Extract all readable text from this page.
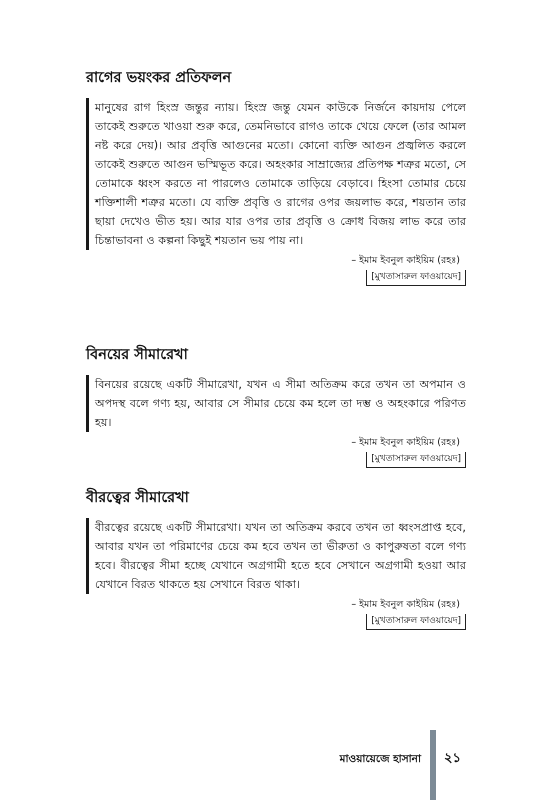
রাগের ভয়ংকর প্রতিফলন
মানুষের রাগ হিংস্র জন্তুর ন্যায়। হিংস্র জন্তু যেমন কাউকে নির্জনে কায়দায় পেলে তাকেই শুরুতে খাওয়া শুরু করে, তেমনিভাবে রাগও তাকে খেয়ে ফেলে (তার আমল নষ্ট করে দেয়)। আর প্রবৃত্তি আগুনের মতো। কোনো ব্যক্তি আগুন প্রজ্বলিত করলে তাকেই শুরুতে আগুন ভস্মিভূত করে। অহংকার সাম্রাজ্যের প্রতিপক্ষ শত্রুর মতো, সে তোমাকে ধ্বংস করতে না পারলেও তোমাকে তাড়িয়ে বেড়াবে। হিংসা তোমার চেয়ে শক্তিশালী শত্রুর মতো। যে ব্যক্তি প্রবৃত্তি ও রাগের ওপর জয়লাভ করে, শয়তান তার ছায়া দেখেও ভীত হয়। আর যার ওপর তার প্রবৃত্তি ও ক্রোধ বিজয় লাভ করে তার চিন্তাভাবনা ও কল্পনা কিছুই শয়তান ভয় পায় না।
– ইমাম ইবনুল কাইয়িম (রহঃ)
[মুখতাসারুল ফাওয়ায়েদ]
বিনয়ের সীমারেখা
বিনয়ের রয়েছে একটি সীমারেখা, যখন এ সীমা অতিক্রম করে তখন তা অপমান ও অপদস্থ বলে গণ্য হয়, আবার সে সীমার চেয়ে কম হলে তা দম্ভ ও অহংকারে পরিণত হয়।
– ইমাম ইবনুল কাইয়িম (রহঃ)
[মুখতাসারুল ফাওয়ায়েদ]
বীরত্বের সীমারেখা
বীরত্বের রয়েছে একটি সীমারেখা। যখন তা অতিক্রম করবে তখন তা ধ্বংসপ্রাপ্ত হবে, আবার যখন তা পরিমাণের চেয়ে কম হবে তখন তা ভীরুতা ও কাপুরুষতা বলে গণ্য হবে। বীরত্বের সীমা হচ্ছে যেখানে অগ্রগামী হতে হবে সেখানে অগ্রগামী হওয়া আর যেখানে বিরত থাকতে হয় সেখানে বিরত থাকা।
– ইমাম ইবনুল কাইয়িম (রহঃ)
[মুখতাসারুল ফাওয়ায়েদ]
মাওয়ায়েজে হাসানা ২১
